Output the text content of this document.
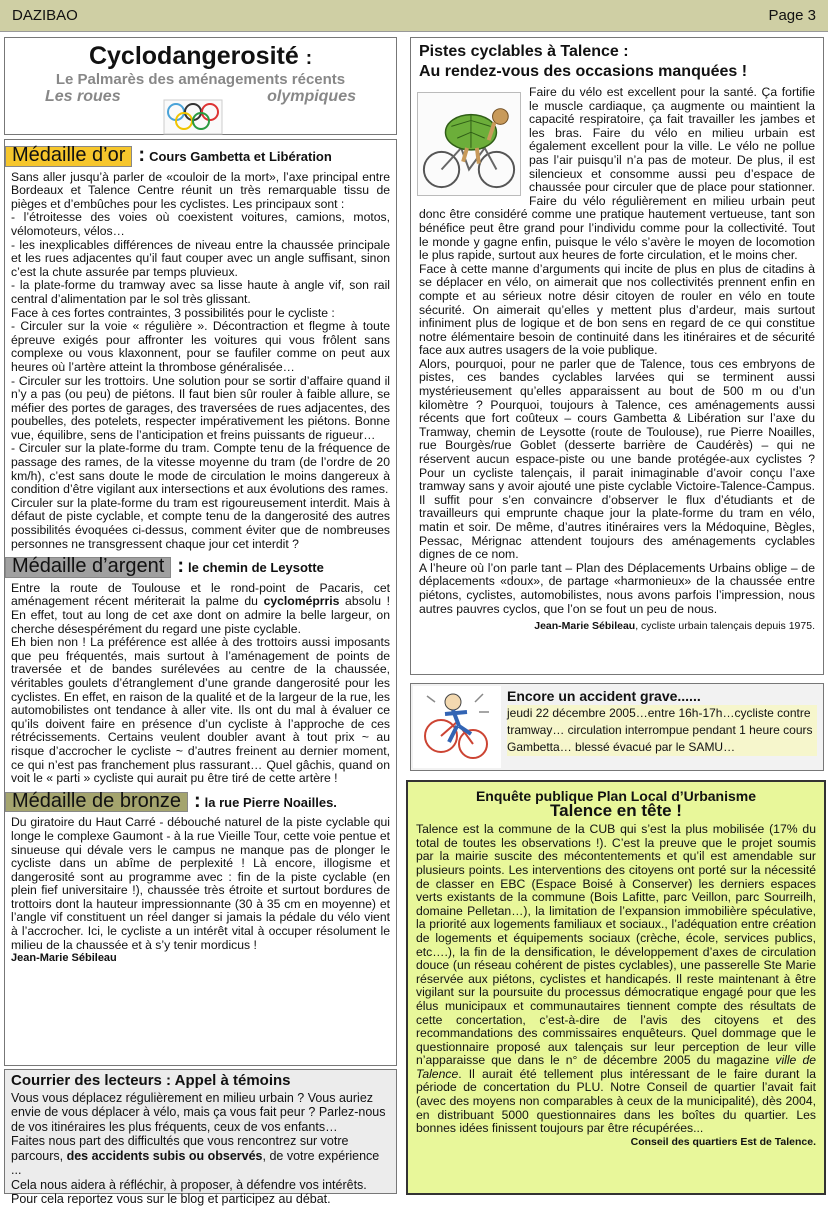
DAZIBAO	Page 3
Cyclodangerosité :
Le Palmarès des aménagements récents
Les roues	olympiques
Médaille d’or : Cours Gambetta et Libération

Sans aller jusqu’à parler de «couloir de la mort», l’axe principal entre Bordeaux et Talence Centre réunit un très remarquable tissu de pièges et d’embûches pour les cyclistes. Les principaux sont :

- l’étroitesse des voies où coexistent voitures, camions, motos, vélomoteurs, vélos…

- les inexplicables différences de niveau entre la chaussée principale et les rues adjacentes qu’il faut couper avec un angle suffisant, sinon c’est la chute assurée par temps pluvieux.

- la plate-forme du tramway avec sa lisse haute à angle vif, son rail central d’alimentation par le sol très glissant.

Face à ces fortes contraintes, 3 possibilités pour le cycliste :

- Circuler sur la voie « régulière ». Décontraction et flegme à toute épreuve exigés pour affronter les voitures qui vous frôlent sans complexe ou vous klaxonnent, pour se faufiler comme on peut aux heures où l’artère atteint la thrombose généralisée…

- Circuler sur les trottoirs. Une solution pour se sortir d’affaire quand il n’y a pas (ou peu) de piétons. Il faut bien sûr rouler à faible allure, se méfier des portes de garages, des traversées de rues adjacentes, des poubelles, des potelets, respecter impérativement les piétons. Bonne vue, équilibre, sens de l’anticipation et freins puissants de rigueur…

- Circuler sur la plate-forme du tram. Compte tenu de la fréquence de passage des rames, de la vitesse moyenne du tram (de l’ordre de 20 km/h), c’est sans doute le mode de circulation le moins dangereux à condition d’être vigilant aux intersections et aux évolutions des rames.

Circuler sur la plate-forme du tram est rigoureusement interdit. Mais à défaut de piste cyclable, et compte tenu de la dangerosité des autres possibilités évoquées ci-dessus, comment éviter que de nombreuses personnes ne transgressent chaque jour cet interdit ?

Médaille d’argent : le chemin de Leysotte

Entre la route de Toulouse et le rond-point de Pacaris, cet aménagement récent mériterait la palme du cycloméprris absolu ! En effet, tout au long de cet axe dont on admire la belle largeur, on cherche désespérément du regard une piste cyclable.

Eh bien non ! La préférence est allée à des trottoirs aussi imposants que peu fréquentés, mais surtout à l’aménagement de points de traversée et de bandes surélevées au centre de la chaussée, véritables goulets d’étranglement d’une grande dangerosité pour les cyclistes. En effet, en raison de la qualité et de la largeur de la rue, les automobilistes ont tendance à aller vite. Ils ont du mal à évaluer ce qu’ils doivent faire en présence d’un cycliste à l’approche de ces rétrécissements. Certains veulent doubler avant à tout prix ~ au risque d’accrocher le cycliste ~ d’autres freinent au dernier moment, ce qui n’est pas franchement plus rassurant… Quel gâchis, quand on voit le « parti » cycliste qui aurait pu être tiré de cette artère !

Médaille de bronze : la rue Pierre Noailles.

Du giratoire du Haut Carré - débouché naturel de la piste cyclable qui longe le complexe Gaumont - à la rue Vieille Tour, cette voie pentue et sinueuse qui dévale vers le campus ne manque pas de plonger le cycliste dans un abîme de perplexité ! Là encore, illogisme et dangerosité sont au programme avec : fin de la piste cyclable (en plein fief universitaire !), chaussée très étroite et surtout bordures de trottoirs dont la hauteur impressionnante (30 à 35 cm en moyenne) et l’angle vif constituent un réel danger si jamais la pédale du vélo vient à l’accrocher. Ici, le cycliste a un intérêt vital à occuper résolument le milieu de la chaussée et à s’y tenir mordicus !

Jean-Marie Sébileau

Courrier des lecteurs : Appel à témoins

Vous vous déplacez régulièrement en milieu urbain ? Vous auriez envie de vous déplacer à vélo, mais ça vous fait peur ? Parlez-nous de vos itinéraires les plus fréquents, ceux de vos enfants…

Faites nous part des difficultés que vous rencontrez sur votre parcours, des accidents subis ou observés, de votre expérience ...

Cela nous aidera à réfléchir, à proposer, à défendre vos intérêts.

Pour cela reportez vous sur le blog et participez au débat.

Pistes cyclables à Talence :
Au rendez-vous des occasions manquées !

Faire du vélo est excellent pour la santé. Ça fortifie le muscle cardiaque, ça augmente ou maintient la capacité respiratoire, ça fait travailler les jambes et les bras. Faire du vélo en milieu urbain est également excellent pour la ville. Le vélo ne pollue pas l’air puisqu’il n’a pas de moteur. De plus, il est silencieux et consomme aussi peu d’espace de chaussée pour circuler que de place pour stationner. Faire du vélo régulièrement en milieu urbain peut donc être considéré comme une pratique hautement vertueuse, tant son bénéfice peut être grand pour l’individu comme pour la collectivité. Tout le monde y gagne enfin, puisque le vélo s’avère le moyen de locomotion le plus rapide, surtout aux heures de forte circulation, et le moins cher.

Face à cette manne d’arguments qui incite de plus en plus de citadins à se déplacer en vélo, on aimerait que nos collectivités prennent enfin en compte et au sérieux notre désir citoyen de rouler en vélo en toute sécurité. On aimerait qu’elles y mettent plus d’ardeur, mais surtout infiniment plus de logique et de bon sens en regard de ce qui constitue notre élémentaire besoin de continuité dans les itinéraires et de sécurité face aux autres usagers de la voie publique.

Alors, pourquoi, pour ne parler que de Talence, tous ces embryons de pistes, ces bandes cyclables larvées qui se terminent aussi mystérieusement qu’elles apparaissent au bout de 500 m ou d’un kilomètre ? Pourquoi, toujours à Talence, ces aménagements aussi récents que fort coûteux – cours Gambetta & Libération sur l’axe du Tramway, chemin de Leysotte (route de Toulouse), rue Pierre Noailles, rue Bourgès/rue Goblet (desserte barrière de Caudérès) – qui ne réservent aucun espace-piste ou une bande protégée-aux cyclistes ? Pour un cycliste talençais, il parait inimaginable d’avoir conçu l’axe tramway sans y avoir ajouté une piste cyclable Victoire-Talence-Campus. Il suffit pour s’en convaincre d’observer le flux d’étudiants et de travailleurs qui emprunte chaque jour la plate-forme du tram en vélo, matin et soir. De même, d’autres itinéraires vers la Médoquine, Bègles, Pessac, Mérignac attendent toujours des aménagements cyclables dignes de ce nom.

A l’heure où l’on parle tant – Plan des Déplacements Urbains oblige – de déplacements «doux», de partage «harmonieux» de la chaussée entre piétons, cyclistes, automobilistes, nous avons parfois l’impression, nous autres pauvres cyclos, que l’on se fout un peu de nous.

Jean-Marie Sébileau, cycliste urbain talençais depuis 1975.

Encore un accident grave......
jeudi 22 décembre 2005…entre 16h-17h…cycliste contre tramway… circulation interrompue pendant 1 heure cours Gambetta… blessé évacué par le SAMU…
Enquête publique Plan Local d’Urbanisme
Talence en tête !

Talence est la commune de la CUB qui s’est la plus mobilisée (17% du total de toutes les observations !). C’est la preuve que le projet soumis par la mairie suscite des mécontentements et qu’il est amendable sur plusieurs points. Les interventions des citoyens ont porté sur la nécessité de classer en EBC (Espace Boisé à Conserver) les derniers espaces verts existants de la commune (Bois Lafitte, parc Veillon, parc Sourreilh, domaine Pelletan…), la limitation de l’expansion immobilière spéculative, la priorité aux logements familiaux et sociaux., l’adéquation entre création de logements et équipements sociaux (crèche, école, services publics, etc….), la fin de la densification, le développement d’axes de circulation douce (un réseau cohérent de pistes cyclables), une passerelle Ste Marie réservée aux piétons, cyclistes et handicapés. Il reste maintenant à être vigilant sur la poursuite du processus démocratique engagé pour que les élus municipaux et communautaires tiennent compte des résultats de cette concertation, c’est-à-dire de l’avis des citoyens et des recommandations des commissaires enquêteurs. Quel dommage que le questionnaire proposé aux talençais sur leur perception de leur ville n’apparaisse que dans le n° de décembre 2005 du magazine ville de Talence. Il aurait été tellement plus intéressant de le faire durant la période de concertation du PLU. Notre Conseil de quartier l’avait fait (avec des moyens non comparables à ceux de la municipalité), dès 2004, en distribuant 5000 questionnaires dans les boîtes du quartier. Les bonnes idées finissent toujours par être récupérées...

Conseil des quartiers Est de Talence.
